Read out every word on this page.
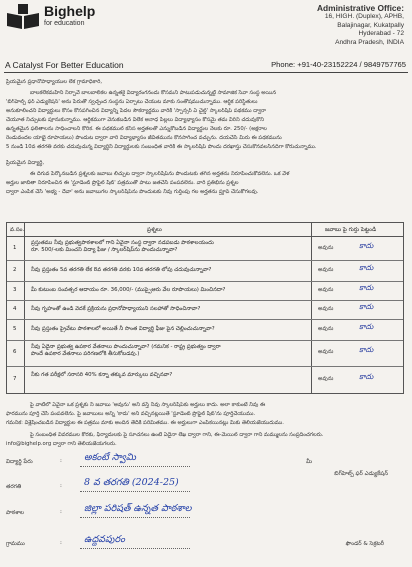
Bighelp
for education
A Catalyst For Better Education
Administrative Office:
16, HIGH. (Duplex), APHB,
Balajinagar, Kukatpally
Hyderabad - 72
Andhra Pradesh, INDIA
Phone: +91-40-23152224 / 9849757765
ప్రియమైన ప్రధానోపాధ్యాయుల లేక గ్రామాధికారి,
బాలకలేకమహిని నిర్పావే బాలబాలికల ఉన్నతకై విద్యారంగనందు కోసమని పాటుపడుచున్నట్టి సామాజిక సేవా సంస్థ అయిన
'బిగ్‌హెల్ప్ ఫర్ ఎడ్యుకేషన్' అను పేరుతో స్వచ్ఛంద సంస్థను ఏర్పాటు చేయుట మాకు సంతోషముచున్నాము. ఆర్థిక పరిస్థితులు
అనుకూలించని విద్యార్థులు కోసం కోసపగించిన విద్యాన్ని పేదల సౌకర్యార్థము వారికి 'స్పాన్సర్ ఏ చైల్డ్' స్కాలర్‌షిప్ పథకము ద్వారా
చేయూత నిచ్చుటకు పూనుకున్నాము. ఆర్థికముగా వెనుకబడిన వీలేక అనాధ పిల్లలు విద్యాభ్యాసం కోసమై తమ వీరిని చదువుకొని
ఉన్నతమైన ఫలితాలను సాధించాలని కొరిక. ఈ పథకముల్ కనీస అర్హతలతో ఎన్నుకోబడిన విద్యార్థుల నెలకు రూ. 250/- (అక్షరాల
రెండువందల యాభై రూపాయలు) పొందుట ద్వారా వారి విద్యాభ్యాసం జీవితమును కొనసాగించ వచ్చును. దయచేసి మీరు ఈ పథకమును
5 నుండి 10వ తరగతి వరకు చదువుచున్న విద్యార్థినీ విద్యార్థులకు సంబంధిత వారికి ఈ స్కాలర్‌షిప్ పొందు దరఖాస్తు చేసుకొనవలసినదిగా కోరుచున్నాము.
ప్రియమైన విద్యార్థి,
ఈ దిగువ పేర్కొనబడిన ప్రశ్నలకు జవాబు లిచ్చుట ద్వారా స్కాలర్‌షిప్‌ను పొందుటకు తగిన అర్హతను నిరూపించుకోవలెను. ఒక వేళ
అర్హుల జాబితా నిరూపించిన ఈ 'స్టూడెంట్ ప్రొఫైల్ షీట్' పత్రముతో పాటు జతచేసి పంపవలెను. వారి ప్రతిభిను ప్రశ్నల
ద్వారా ఎంపిక చేసి 'అభ్య - దేవా' అను జవాబుగల స్కాలర్‌షిప్‌ను పొందుటకు నీవు గుర్తింపు గల అర్హతను ప్రూవ్ చేసుకోగలవు.
వ.సం.	ప్రశ్నలు	జవాబు పై గుర్తు పెట్టండి
1
ప్రస్తుతము నీవు ప్రభుత్వపాఠశాలలో గాని ఏవైనా సంస్థ ద్వారా నడపబడు పాఠశాలయందు
రూ. 500/-లకు మించని విద్యా ఫీజు / స్కాలర్‌షిప్‌ను పొందుచున్నావా?	అవును	కాదు
2	నీవు ప్రస్తుతం 5వ తరగతి లేక 8వ తరగతి వరకు 10వ తరగతి లోపు చదువుచున్నావా?	అవును	కాదు
3	మీ కుటుంబ సంవత్సర ఆదాయం రూ. 36,000/- (ముప్పైఆరు వేల రూపాయలు) మించినదా?	అవును	కాదు
4	నీవు గృహంతో ఉండి వెదకే ప్రక్రియను ప్రధానోపాధ్యాయుని సలహాతో సాధించినావా?	అవును	కాదు
5	నీవు ప్రస్తుతం ప్రైవేటు పాఠశాలలో అయితే నీ సొంత విద్యార్థి ఫీజు పైన చెల్లించుచున్నావా?	అవును	కాదు
6
నీవు ఏదైనా ప్రభుత్వ ఉపకార వేతనాలు పొందుచున్నావా? (గమనిక - రాష్ట్ర ప్రభుత్వం ద్వారా
పొందే ఉపకార వేతనాలు పరిగణలోకి తీసుకోబడవు.)	అవును	కాదు
7
నీకు గత పరీక్షలో సరాసరి 40% కన్నా తక్కువ మార్కులు వచ్చినవా?
అవును	కాదు
పై వాటిలో ఏవైనా ఒక ప్రశ్నకు నీ జవాబు 'అవును' అని వస్తే నీవు స్కాలర్‌షిప్‌కు అర్హులు కాదు. అలా కాకుంటే నీవు ఈ
ఫారమును పూర్తి చేసి పంపవలెను. పై జవాబులు అన్ని 'కాదు' అని వచ్చినట్లయితే 'స్టూడెంట్ ప్రొఫైల్ షీట్'ను పూర్తిచేయుము.
గమనిక: విశ్లేషించబడిన విద్యార్థుల ఈ పత్రము మాకు అందిన తేదీకి పరిమితము. ఈ అర్హులుగా ఎంపికయినట్లు మీకు తెలియజేయుదుము.
పై సంబంధిత వివరముల కొరకు, ఫిర్యాదులకు పై సూచనలు ఉంటే ఏదైనా లేఖ ద్వారా గాని, ఈ-మెయిల్ ద్వారా గాని మమ్ములను సంప్రదించగలరు.
info@bighelp.org ద్వారా గాని తెలియజేయగలరు.
విద్యార్థి పేరు	: అకంటే స్వామి
తరగతి	: 8 వ తరగతి (2024-25)
పాఠశాల	: జిల్లా పరిషత్ ఉన్నత పాఠశాల
గ్రామము	: ఉద్దవపురం
మీ
బిగ్‌హెల్ప్ ఫర్ ఎడ్యుకేషన్
ఫౌండర్ & సెక్రటరీ
